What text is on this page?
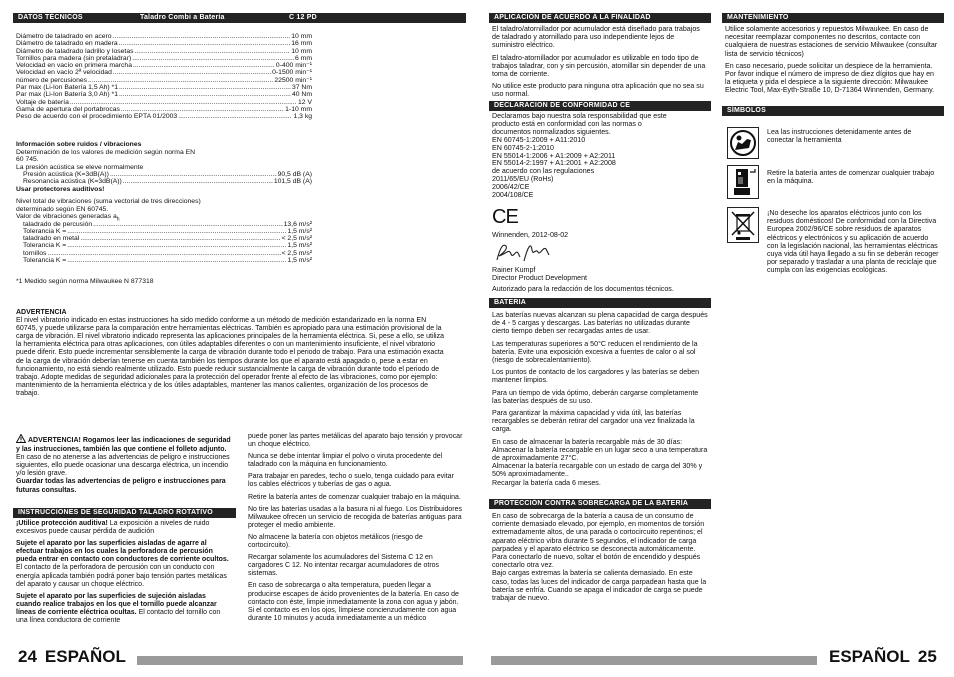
DATOS TÉCNICOS	Taladro Combi a Batería	C 12 PD
Diámetro de taladrado en acero .....	10 mm
Diámetro de taladrado en madera .....	16 mm
Diámetro de taladrado ladrillo y losetas .....	10 mm
Tornillos para madera (sin pretaladrar) .....	6 mm
Velocidad en vacío en primera marcha .....	0-400 min⁻¹
Velocidad en vacío 2ª velocidad .....	0-1500 min⁻¹
número de percusiones .....	22500 min⁻¹
Par max (Li-Ion Batería 1,5 Ah) *1 .....	37 Nm
Par max (Li-Ion Batería 3,0 Ah) *1 .....	40 Nm
Voltaje de batería .....	12 V
Gama de apertura del portabrocas .....	1-10 mm
Peso de acuerdo con el procedimiento EPTA 01/2003 .....	1,3 kg
Información sobre ruidos / vibraciones
Determinación de los valores de medición según norma EN
60 745.
La presión acústica se eleve normalmente
Presión acústica (K=3dB(A)) .....	90,5 dB (A)
Resonancia acústica (K=3dB(A)) .....	101,5 dB (A)
Usar protectores auditivos!
Nivel total de vibraciones (suma vectorial de tres direcciones)
determinado según EN 60745.
Valor de vibraciones generadas $a_h$
taladrado de percusión .....	13,6 m/s²
Tolerancia K = .....	1,5 m/s²
taladrado en metal .....	< 2,5 m/s²
Tolerancia K = .....	1,5 m/s²
tornillos .....	< 2,5 m/s²
Tolerancia K = .....	1,5 m/s²
*1 Medido según norma Milwaukee N 877318
ADVERTENCIA
El nivel vibratorio indicado en estas instrucciones ha sido medido conforme a un método de medición estandarizado en la norma EN 60745, y puede utilizarse para la comparación entre herramientas eléctricas. También es apropiado para una estimación provisional de la carga de vibración. El nivel vibratorio indicado representa las aplicaciones principales de la herramienta eléctrica. Si, pese a ello, se utiliza la herramienta eléctrica para otras aplicaciones, con útiles adaptables diferentes o con un mantenimiento insuficiente, el nivel vibratorio puede diferir. Esto puede incrementar sensiblemente la carga de vibración durante todo el periodo de trabajo. Para una estimación exacta de la carga de vibración deberían tenerse en cuenta también los tiempos durante los que el aparato está apagado o, pese a estar en funcionamiento, no está siendo realmente utilizado. Esto puede reducir sustancialmente la carga de vibración durante todo el periodo de trabajo. Adopte medidas de seguridad adicionales para la protección del operador frente al efecto de las vibraciones, como por ejemplo: mantenimiento de la herramienta eléctrica y de los útiles adaptables, mantener las manos calientes, organización de los procesos de trabajo.
ADVERTENCIA! Rogamos leer las indicaciones de seguridad y las instrucciones, también las que contiene el folleto adjunto. En caso de no atenerse a las advertencias de peligro e instrucciones siguientes, ello puede ocasionar una descarga eléctrica, un incendio y/o lesión grave.
Guardar todas las advertencias de peligro e instrucciones para futuras consultas.
INSTRUCCIONES DE SEGURIDAD TALADRO ROTATIVO
¡Utilice protección auditiva! La exposición a niveles de ruido excesivos puede causar pérdida de audición
Sujete el aparato por las superficies aisladas de agarre al efectuar trabajos en los cuales la perforadora de percusión pueda entrar en contacto con conductores de corriente ocultos. El contacto de la perforadora de percusión con un conducto con energía aplicada también podrá poner bajo tensión partes metálicas del aparato y causar un choque eléctrico.
Sujete el aparato por las superficies de sujeción aisladas cuando realice trabajos en los que el tornillo puede alcanzar líneas de corriente eléctrica ocultas. El contacto del tornillo con una línea conductora de corriente
puede poner las partes metálicas del aparato bajo tensión y provocar un choque eléctrico.
Nunca se debe intentar limpiar el polvo o viruta procedente del taladrado con la máquina en funcionamiento.
Para trabajar en paredes, techo o suelo, tenga cuidado para evitar los cables eléctricos y tuberías de gas o agua.
Retire la batería antes de comenzar cualquier trabajo en la máquina.
No tire las baterías usadas a la basura ni al fuego. Los Distribuidores Milwaukee ofrecen un servicio de recogida de baterías antiguas para proteger el medio ambiente.
No almacene la batería con objetos metálicos (riesgo de cortocircuito).
Recargar solamente los acumuladores del Sistema C 12 en cargadores C 12. No intentar recargar acumuladores de otros sistemas.
En caso de sobrecarga o alta temperatura, pueden llegar a producirse escapes de ácido provenientes de la batería. En caso de contacto con éste, limpie inmediatamente la zona con agua y jabón. Si el contacto es en los ojos, límpiese concienzudamente con agua durante 10 minutos y acuda inmediatamente a un médico
24 ESPAÑOL
APLICACIÓN DE ACUERDO A LA FINALIDAD
El taladro/atornillador por acumulador está diseñado para trabajos de taladrado y atornillado para uso independiente lejos de suministro eléctrico.
El taladro-atornillador por acumulador es utilizable en todo tipo de trabajos taladrar, con y sin percusión, atornillar sin depender de una toma de corriente.
No utilice este producto para ninguna otra aplicación que no sea su uso normal.
DECLARACION DE CONFORMIDAD CE
Declaramos bajo nuestra sola responsabilidad que este
producto está en conformidad con las normas o
documentos normalizados siguientes.
EN 60745-1:2009 + A11:2010
EN 60745-2-1:2010
EN 55014-1:2006 + A1:2009 + A2:2011
EN 55014-2:1997 + A1:2001 + A2:2008
de acuerdo con las regulaciones
2011/65/EU (RoHs)
2006/42/CE
2004/108/CE
CE
Winnenden, 2012-08-02
Rainer Kumpf
Director Product Development
Autorizado para la redacción de los documentos técnicos.
BATERIA
Las baterías nuevas alcanzan su plena capacidad de carga después de 4 - 5 cargas y descargas. Las baterías no utilizadas durante cierto tiempo deben ser recargadas antes de usar.
Las temperaturas superiores a 50°C reducen el rendimiento de la batería. Evite una exposición excesiva a fuentes de calor o al sol (riesgo de sobrecalentamiento).
Los puntos de contacto de los cargadores y las baterías se deben mantener limpios.
Para un tiempo de vida óptimo, deberán cargarse completamente las baterías después de su uso.
Para garantizar la máxima capacidad y vida útil, las baterías recargables se deberán retirar del cargador una vez finalizada la carga.
En caso de almacenar la batería recargable más de 30 días:
Almacenar la batería recargable en un lugar seco a una temperatura de aproximadamente 27°C.
Almacenar la batería recargable con un estado de carga del 30% y 50% aproximadamente..
Recargar la batería cada 6 meses.
PROTECCIÓN CONTRA SOBRECARGA DE LA BATERÍA
En caso de sobrecarga de la batería a causa de un consumo de corriente demasiado elevado, por ejemplo, en momentos de torsión extremadamente altos, de una parada o cortocircuito repentinos; el aparato eléctrico vibra durante 5 segundos, el indicador de carga parpadea y el aparato eléctrico se desconecta automáticamente.
Para conectarlo de nuevo, soltar el botón de encendido y después conectarlo otra vez.
Bajo cargas extremas la batería se calienta demasiado. En este caso, todas las luces del indicador de carga parpadean hasta que la batería se enfría. Cuando se apaga el indicador de carga se puede trabajar de nuevo.
MANTENIMIENTO
Utilice solamente accesorios y repuestos Milwaukee. En caso de necesitar reemplazar componentes no descritos, contacte con cualquiera de nuestras estaciones de servicio Milwaukee (consultar lista de servicio técnicos)
En caso necesario, puede solicitar un despiece de la herramienta. Por favor indique el número de impreso de diez dígitos que hay en la etiqueta y pida el despiece a la siguiente dirección: Milwaukee Electric Tool, Max-Eyth-Straße 10, D-71364 Winnenden, Germany.
SÍMBOLOS
Lea las instrucciones detenidamente antes de conectar la herramienta
Retire la batería antes de comenzar cualquier trabajo en la máquina.
¡No deseche los aparatos eléctricos junto con los residuos domésticos! De conformidad con la Directiva Europea 2002/96/CE sobre residuos de aparatos eléctricos y electrónicos y su aplicación de acuerdo con la legislación nacional, las herramientas eléctricas cuya vida útil haya llegado a su fin se deberán recoger por separado y trasladar a una planta de reciclaje que cumpla con las exigencias ecológicas.
ESPAÑOL 25
